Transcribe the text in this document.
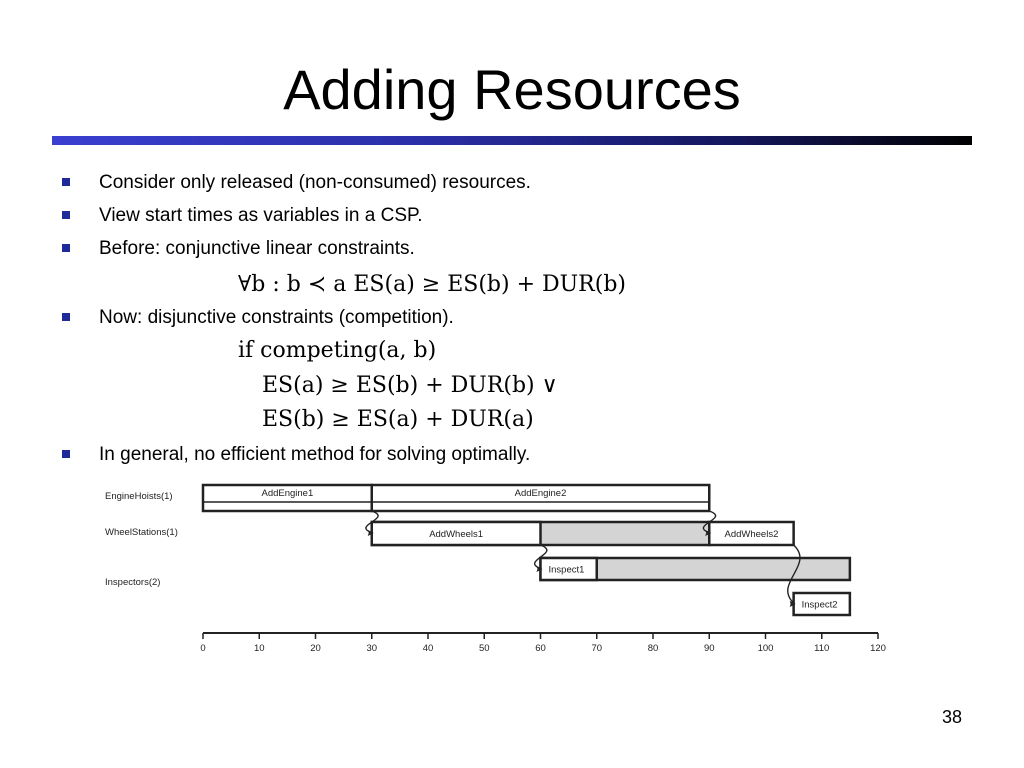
Adding Resources
Consider only released (non-consumed) resources.
View start times as variables in a CSP.
Before: conjunctive linear constraints.
∀b : b ≺ a ES(a) ≥ ES(b) + DUR(b)
Now: disjunctive constraints (competition).
if competing(a, b)
ES(a) ≥ ES(b) + DUR(b) ∨
ES(b) ≥ ES(a) + DUR(a)
In general, no efficient method for solving optimally.
EngineHoists(1)
WheelStations(1)
Inspectors(2)
AddEngine1	AddEngine2
AddWheels1	AddWheels2
Inspect1
Inspect2
0	10	20	30	40	50	60	70	80	90	100	110	120
38
